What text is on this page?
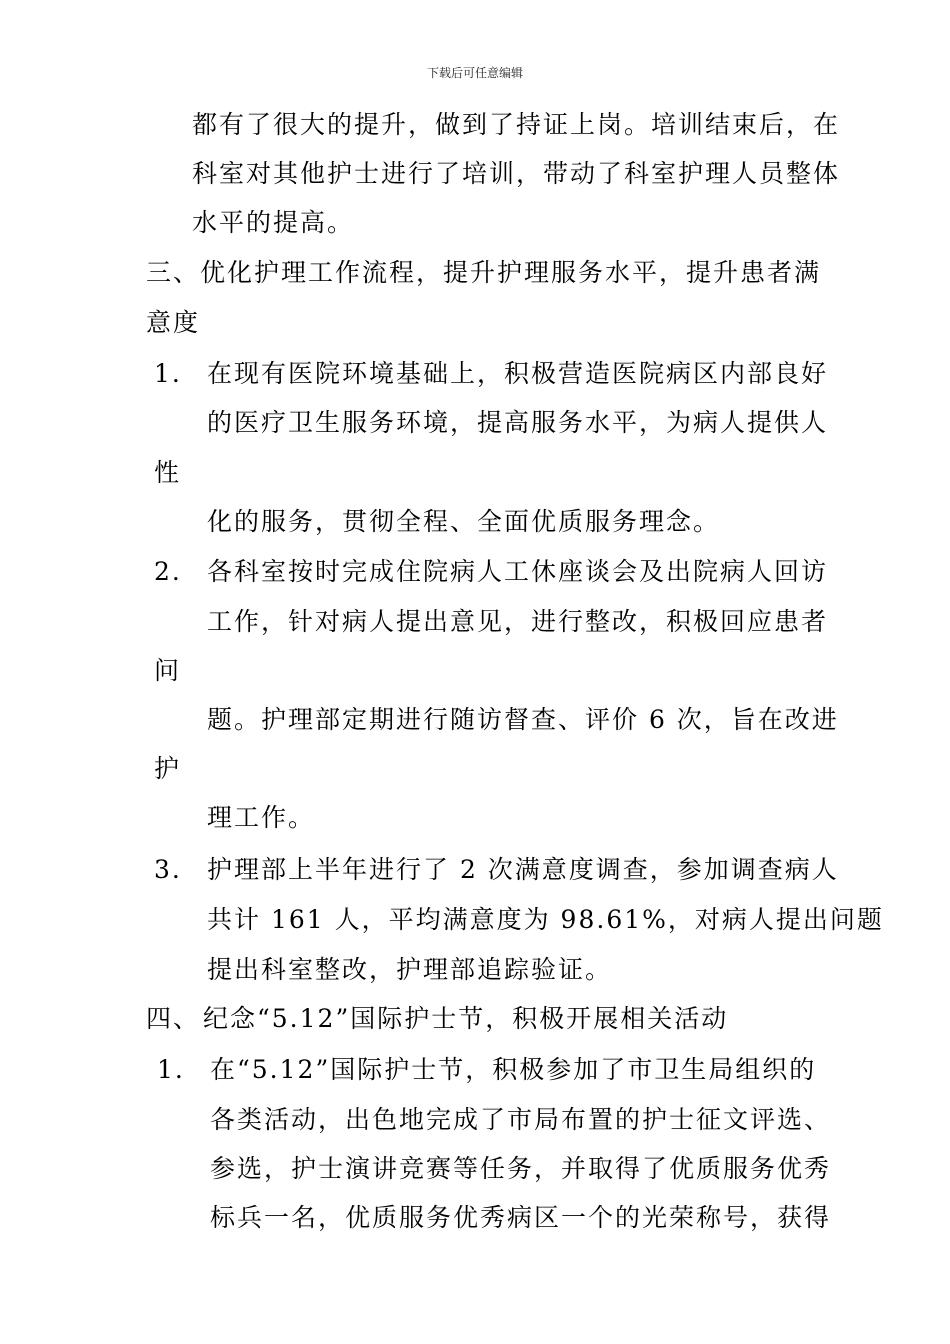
下载后可任意编辑
都有了很大的提升，做到了持证上岗。培训结束后，在
科室对其他护士进行了培训，带动了科室护理人员整体
水平的提高。
三、优化护理工作流程，提升护理服务水平，提升患者满
意度
1. 在现有医院环境基础上，积极营造医院病区内部良好
的医疗卫生服务环境，提高服务水平，为病人提供人
性
化的服务，贯彻全程、全面优质服务理念。
2. 各科室按时完成住院病人工休座谈会及出院病人回访
工作，针对病人提出意见，进行整改，积极回应患者
问
题。护理部定期进行随访督查、评价 6 次，旨在改进
护
理工作。
3. 护理部上半年进行了 2 次满意度调查，参加调查病人
共计 161 人，平均满意度为 98.61%，对病人提出问题
提出科室整改，护理部追踪验证。
四、 纪念“5.12”国际护士节，积极开展相关活动
1. 在“5.12”国际护士节，积极参加了市卫生局组织的
各类活动，出色地完成了市局布置的护士征文评选、
参选，护士演讲竞赛等任务，并取得了优质服务优秀
标兵一名，优质服务优秀病区一个的光荣称号，获得
